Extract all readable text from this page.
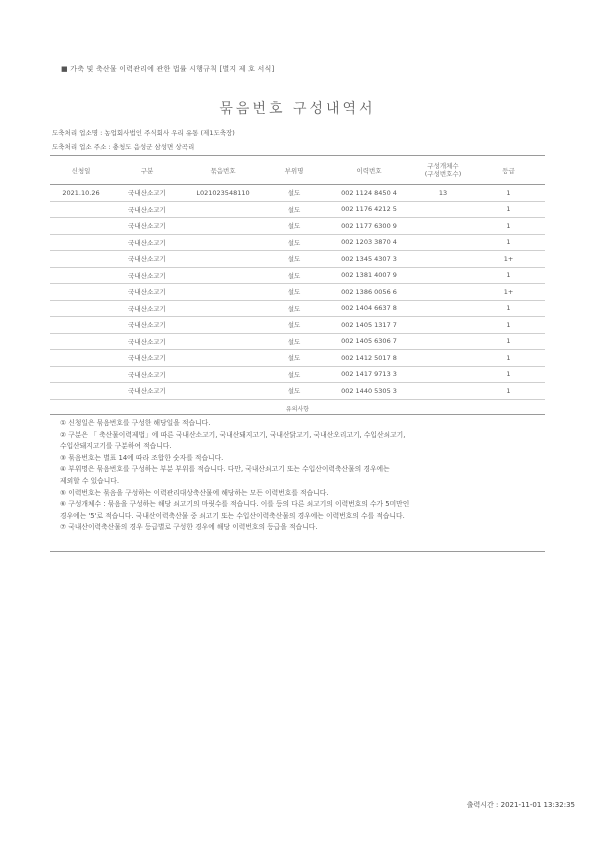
■ 가축 및 축산물 이력관리에 관한 법률 시행규칙 [별지 제 호 서식]
묶음번호 구성내역서
도축처리 업소명 : 농업회사법인 주식회사 우리 유통 (제1도축장)
도축처리 업소 주소 : 충청도 음성군 삼성면 상곡리
신청일	구분	묶음번호	부위명	이력번호	구성개체수
(구성번호수)	등급
2021.10.26	국내산소고기	L021023548110	설도	002 1124 8450 4	13	1
	국내산소고기		설도	002 1176 4212 5		1
	국내산소고기		설도	002 1177 6300 9		1
	국내산소고기		설도	002 1203 3870 4		1
	국내산소고기		설도	002 1345 4307 3		1+
	국내산소고기		설도	002 1381 4007 9		1
	국내산소고기		설도	002 1386 0056 6		1+
	국내산소고기		설도	002 1404 6637 8		1
	국내산소고기		설도	002 1405 1317 7		1
	국내산소고기		설도	002 1405 6306 7		1
	국내산소고기		설도	002 1412 5017 8		1
	국내산소고기		설도	002 1417 9713 3		1
	국내산소고기		설도	002 1440 5305 3		1
유의사항
① 신청일은 묶음번호를 구성한 해당일을 적습니다.
② 구분은 「 축산물이력제법」에 따른 국내산소고기, 국내산돼지고기, 국내산닭고기, 국내산오리고기, 수입산쇠고기,
수입산돼지고기를 구분하여 적습니다.
③ 묶음번호는 별표 14에 따라 조합한 숫자를 적습니다.
④ 부위명은 묶음번호를 구성하는 부분 부위를 적습니다. 다만, 국내산쇠고기 또는 수입산이력축산물의 경우에는
제외할 수 있습니다.
⑤ 이력번호는 묶음을 구성하는 이력관리대상축산물에 해당하는 모든 이력번호를 적습니다.
⑥ 구성개체수 : 묶음을 구성하는 해당 쇠고기의 마릿수를 적습니다. 이를 등의 다른 쇠고기의 이력번호의 수가 5미만인
경우에는 '5'로 적습니다. 국내산이력축산물 중 쇠고기 또는 수입산이력축산물의 경우에는 이력번호의 수를 적습니다.
⑦ 국내산이력축산물의 경우 등급별로 구성한 경우에 해당 이력번호의 등급을 적습니다.
출력시간 : 2021-11-01 13:32:35
